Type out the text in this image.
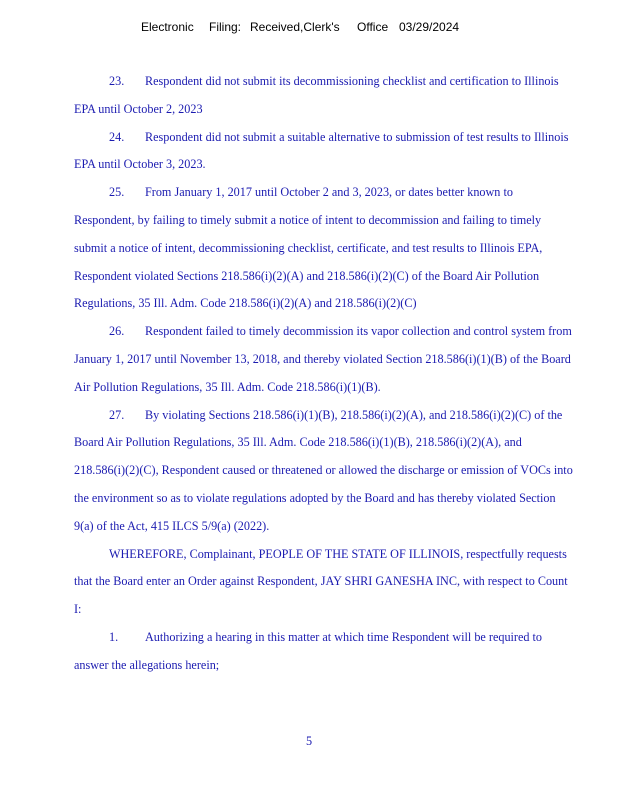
Electronic Filing: Received,Clerk's Office 03/29/2024

23. Respondent did not submit its decommissioning checklist and certification to Illinois EPA until October 2, 2023

24. Respondent did not submit a suitable alternative to submission of test results to Illinois EPA until October 3, 2023.

25. From January 1, 2017 until October 2 and 3, 2023, or dates better known to Respondent, by failing to timely submit a notice of intent to decommission and failing to timely submit a notice of intent, decommissioning checklist, certificate, and test results to Illinois EPA, Respondent violated Sections 218.586(i)(2)(A) and 218.586(i)(2)(C) of the Board Air Pollution Regulations, 35 Ill. Adm. Code 218.586(i)(2)(A) and 218.586(i)(2)(C)

26. Respondent failed to timely decommission its vapor collection and control system from January 1, 2017 until November 13, 2018, and thereby violated Section 218.586(i)(1)(B) of the Board Air Pollution Regulations, 35 Ill. Adm. Code 218.586(i)(1)(B).

27. By violating Sections 218.586(i)(1)(B), 218.586(i)(2)(A), and 218.586(i)(2)(C) of the Board Air Pollution Regulations, 35 Ill. Adm. Code 218.586(i)(1)(B), 218.586(i)(2)(A), and 218.586(i)(2)(C), Respondent caused or threatened or allowed the discharge or emission of VOCs into the environment so as to violate regulations adopted by the Board and has thereby violated Section 9(a) of the Act, 415 ILCS 5/9(a) (2022).

WHEREFORE, Complainant, PEOPLE OF THE STATE OF ILLINOIS, respectfully requests that the Board enter an Order against Respondent, JAY SHRI GANESHA INC, with respect to Count I:

1. Authorizing a hearing in this matter at which time Respondent will be required to answer the allegations herein;

5
